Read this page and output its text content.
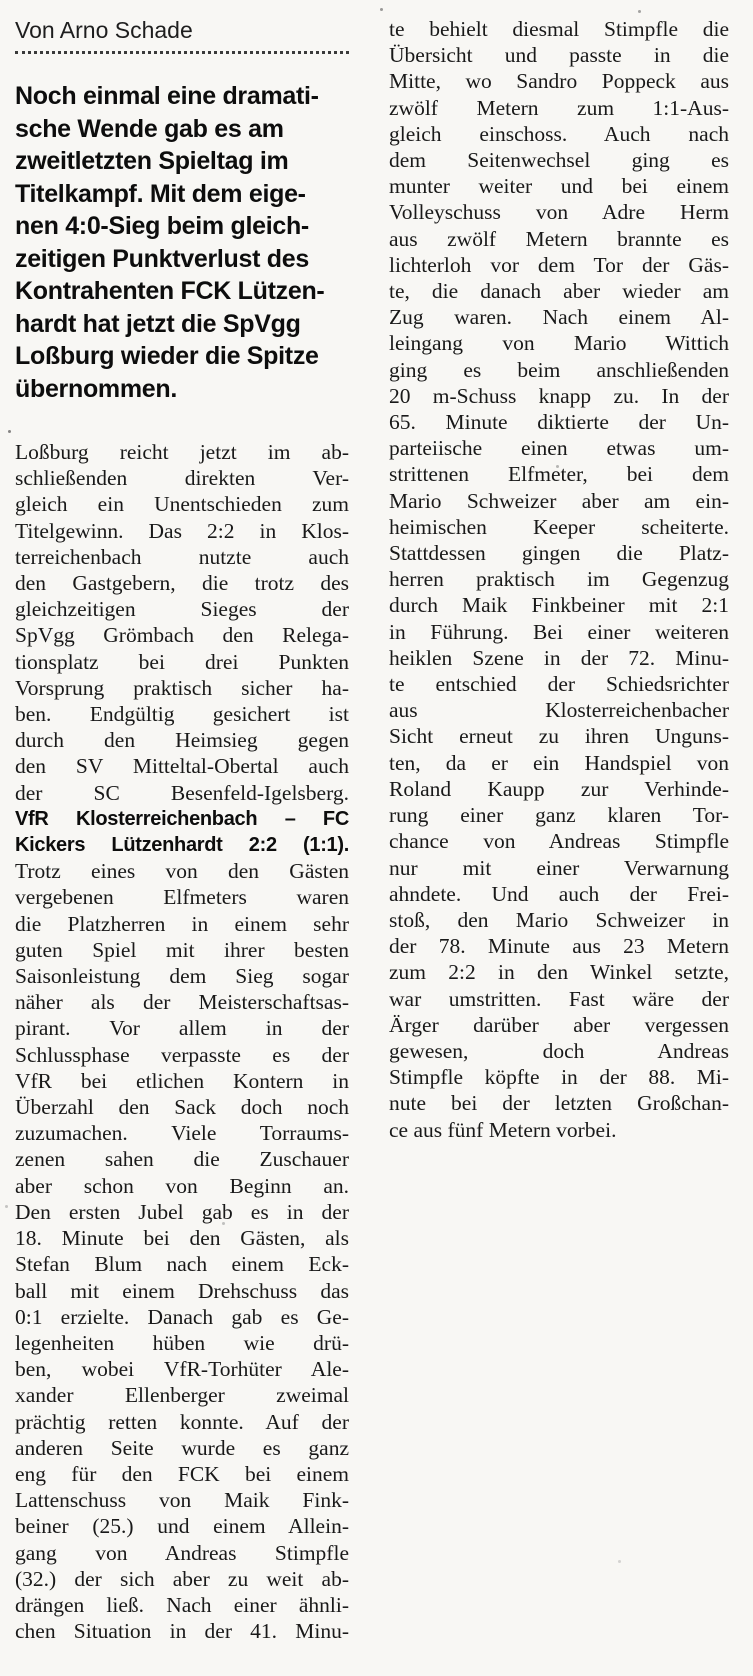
Von Arno Schade
Noch einmal eine dramati-
sche Wende gab es am
zweitletzten Spieltag im
Titelkampf. Mit dem eige-
nen 4:0-Sieg beim gleich-
zeitigen Punktverlust des
Kontrahenten FCK Lützen-
hardt hat jetzt die SpVgg
Loßburg wieder die Spitze
übernommen.
Loßburg reicht jetzt im ab-
schließenden direkten Ver-
gleich ein Unentschieden zum
Titelgewinn. Das 2:2 in Klos-
terreichenbach nutzte auch
den Gastgebern, die trotz des
gleichzeitigen Sieges der
SpVgg Grömbach den Relega-
tionsplatz bei drei Punkten
Vorsprung praktisch sicher ha-
ben. Endgültig gesichert ist
durch den Heimsieg gegen
den SV Mitteltal-Obertal auch
der SC Besenfeld-Igelsberg.
VfR Klosterreichenbach – FC
Kickers Lützenhardt 2:2 (1:1).
Trotz eines von den Gästen
vergebenen Elfmeters waren
die Platzherren in einem sehr
guten Spiel mit ihrer besten
Saisonleistung dem Sieg sogar
näher als der Meisterschaftsas-
pirant. Vor allem in der
Schlussphase verpasste es der
VfR bei etlichen Kontern in
Überzahl den Sack doch noch
zuzumachen. Viele Torraums-
zenen sahen die Zuschauer
aber schon von Beginn an.
Den ersten Jubel gab es in der
18. Minute bei den Gästen, als
Stefan Blum nach einem Eck-
ball mit einem Drehschuss das
0:1 erzielte. Danach gab es Ge-
legenheiten hüben wie drü-
ben, wobei VfR-Torhüter Ale-
xander Ellenberger zweimal
prächtig retten konnte. Auf der
anderen Seite wurde es ganz
eng für den FCK bei einem
Lattenschuss von Maik Fink-
beiner (25.) und einem Allein-
gang von Andreas Stimpfle
(32.) der sich aber zu weit ab-
drängen ließ. Nach einer ähnli-
chen Situation in der 41. Minu-
te behielt diesmal Stimpfle die
Übersicht und passte in die
Mitte, wo Sandro Poppeck aus
zwölf Metern zum 1:1-Aus-
gleich einschoss. Auch nach
dem Seitenwechsel ging es
munter weiter und bei einem
Volleyschuss von Adre Herm
aus zwölf Metern brannte es
lichterloh vor dem Tor der Gäs-
te, die danach aber wieder am
Zug waren. Nach einem Al-
leingang von Mario Wittich
ging es beim anschließenden
20 m-Schuss knapp zu. In der
65. Minute diktierte der Un-
parteiische einen etwas um-
strittenen Elfmeter, bei dem
Mario Schweizer aber am ein-
heimischen Keeper scheiterte.
Stattdessen gingen die Platz-
herren praktisch im Gegenzug
durch Maik Finkbeiner mit 2:1
in Führung. Bei einer weiteren
heiklen Szene in der 72. Minu-
te entschied der Schiedsrichter
aus Klosterreichenbacher
Sicht erneut zu ihren Unguns-
ten, da er ein Handspiel von
Roland Kaupp zur Verhinde-
rung einer ganz klaren Tor-
chance von Andreas Stimpfle
nur mit einer Verwarnung
ahndete. Und auch der Frei-
stoß, den Mario Schweizer in
der 78. Minute aus 23 Metern
zum 2:2 in den Winkel setzte,
war umstritten. Fast wäre der
Ärger darüber aber vergessen
gewesen, doch Andreas
Stimpfle köpfte in der 88. Mi-
nute bei der letzten Großchan-
ce aus fünf Metern vorbei.
